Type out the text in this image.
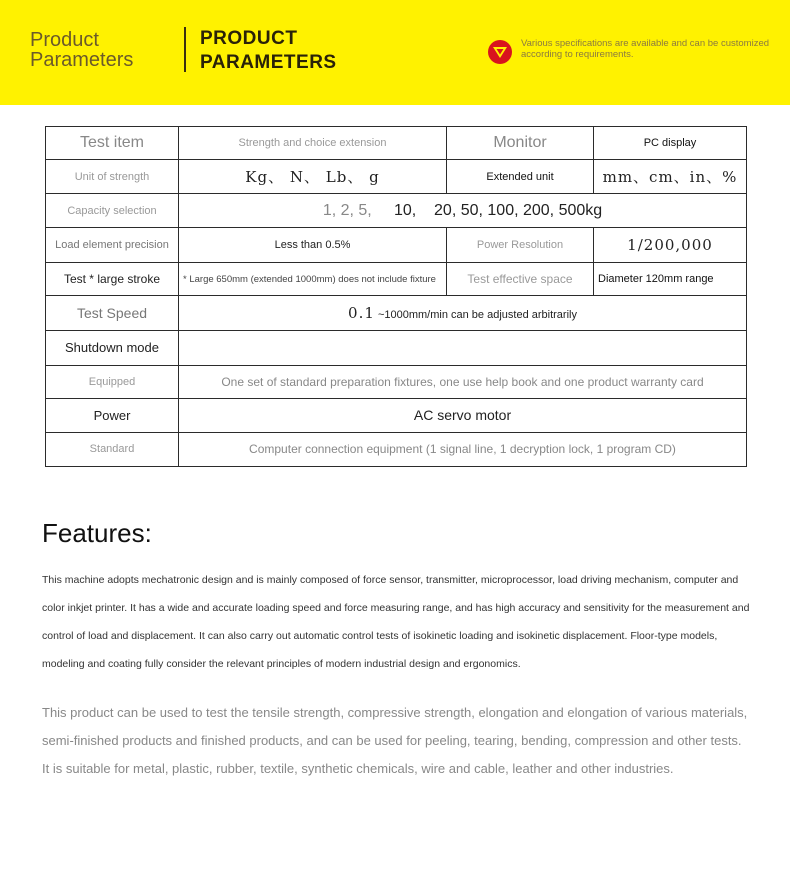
Product Parameters
PRODUCT
PARAMETERS
Various specifications are available and can be customized according to requirements.
Test item	Strength and choice extension	Monitor	PC display
Unit of strength	Kg、 N、 Lb、 g	Extended unit	mm、cm、in、%
Capacity selection	1, 2, 5, 10, 20, 50, 100, 200, 500kg		
Load element precision	Less than 0.5%	Power Resolution	1/200,000
Test * large stroke	* Large 650mm (extended 1000mm) does not include fixture	Test effective space	Diameter 120mm range
Test Speed	0.1 ~1000mm/min can be adjusted arbitrarily		
Shutdown mode			
Equipped	One set of standard preparation fixtures, one use help book and one product warranty card		
Power	AC servo motor		
Standard	Computer connection equipment (1 signal line, 1 decryption lock, 1 program CD)		
Features:
This machine adopts mechatronic design and is mainly composed of force sensor, transmitter, microprocessor, load driving mechanism, computer and color inkjet printer. It has a wide and accurate loading speed and force measuring range, and has high accuracy and sensitivity for the measurement and control of load and displacement. It can also carry out automatic control tests of isokinetic loading and isokinetic displacement. Floor-type models, modeling and coating fully consider the relevant principles of modern industrial design and ergonomics.
This product can be used to test the tensile strength, compressive strength, elongation and elongation of various materials, semi-finished products and finished products, and can be used for peeling, tearing, bending, compression and other tests. It is suitable for metal, plastic, rubber, textile, synthetic chemicals, wire and cable, leather and other industries.
